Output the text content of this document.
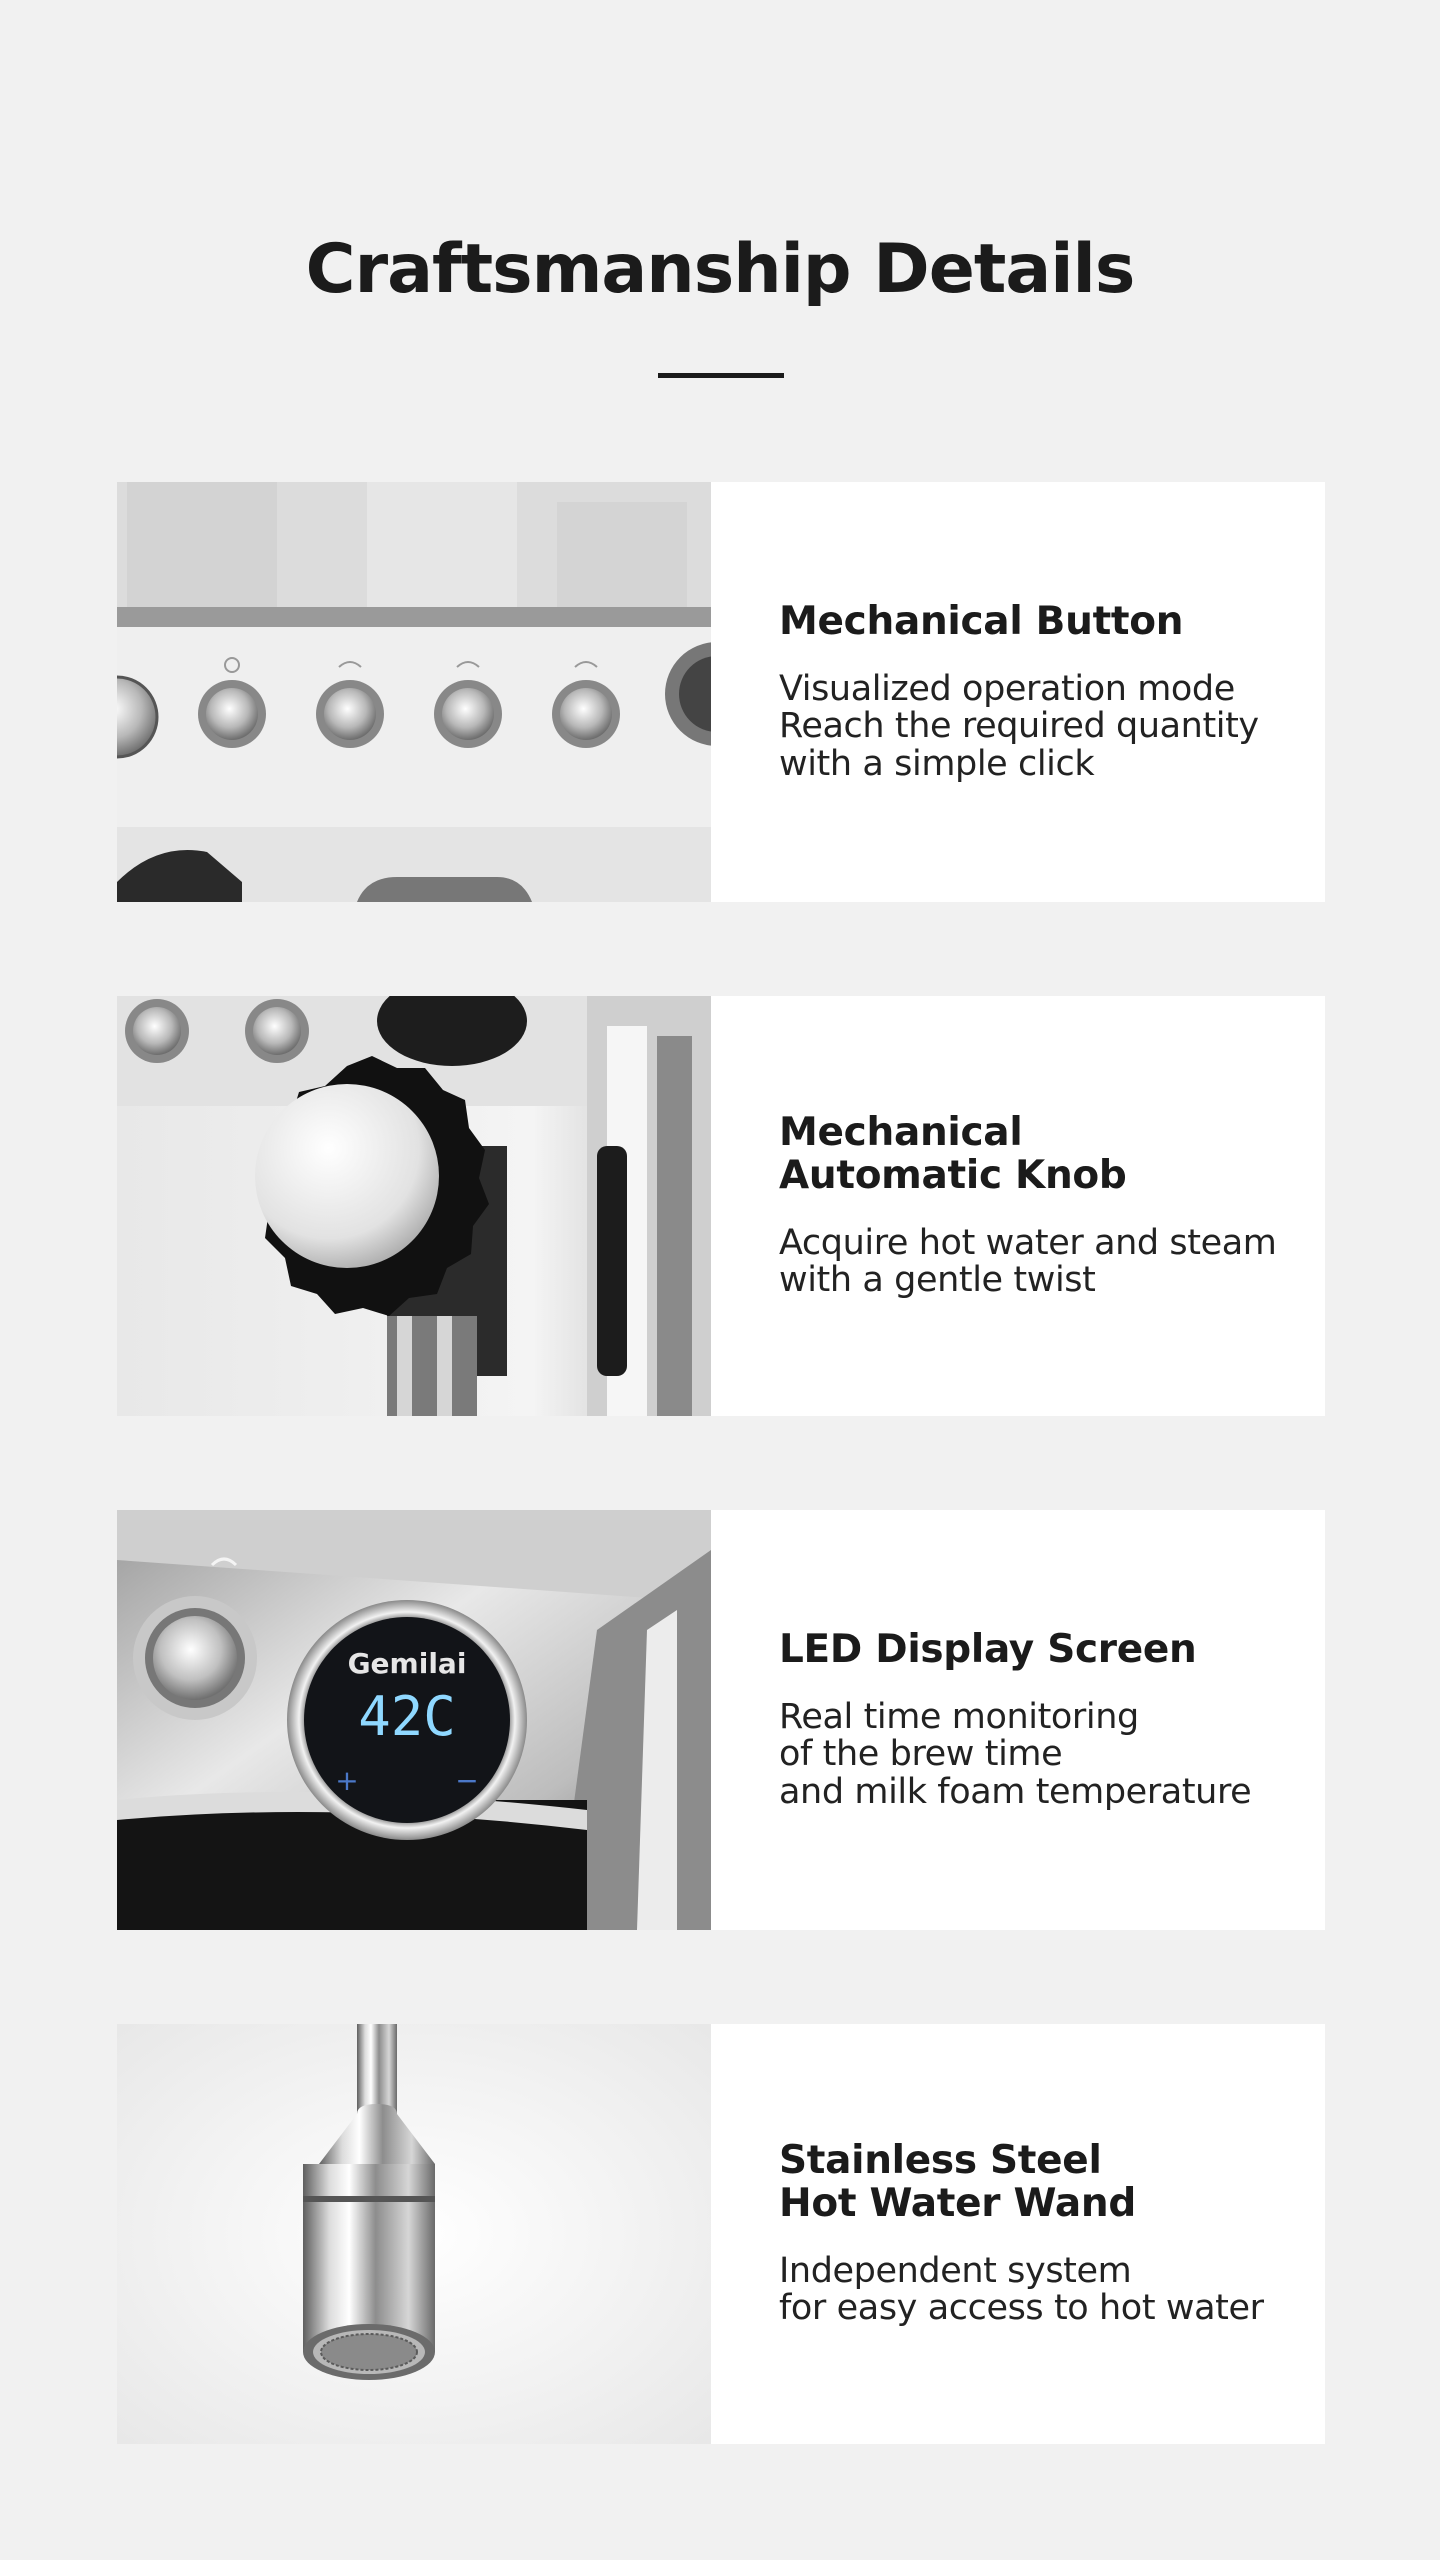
Craftsmanship Details
Mechanical Button
Visualized operation mode
Reach the required quantity
with a simple click
Mechanical
Automatic Knob
Acquire hot water and steam
with a gentle twist
Gemilai
42C
+	−
LED Display Screen
Real time monitoring
of the brew time
and milk foam temperature
Stainless Steel
Hot Water Wand
Independent system
for easy access to hot water
